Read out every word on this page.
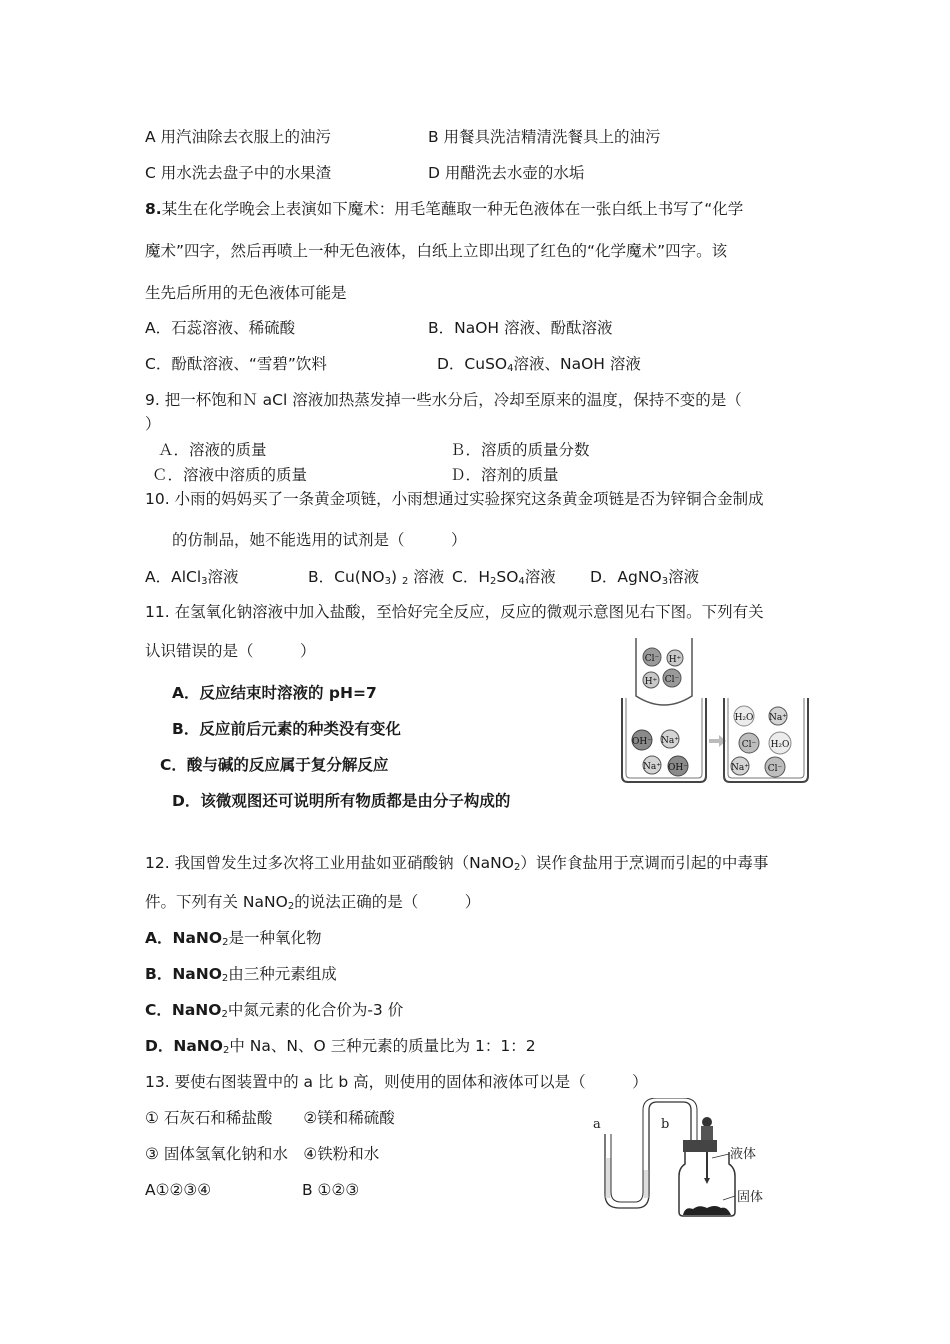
A 用汽油除去衣服上的油污	B 用餐具洗洁精清洗餐具上的油污
C 用水洗去盘子中的水果渣	D 用醋洗去水壶的水垢
8.某生在化学晚会上表演如下魔术：用毛笔蘸取一种无色液体在一张白纸上书写了“化学
魔术”四字，然后再喷上一种无色液体，白纸上立即出现了红色的“化学魔术”四字。该
生先后所用的无色液体可能是
A．石蕊溶液、稀硫酸	B．NaOH 溶液、酚酞溶液
C．酚酞溶液、“雪碧”饮料	D．CuSO$_4$溶液、NaOH 溶液
9. 把一杯饱和Ｎ aCl 溶液加热蒸发掉一些水分后，冷却至原来的温度，保持不变的是（
）
Ａ．溶液的质量	Ｂ．溶质的质量分数
Ｃ．溶液中溶质的质量	Ｄ．溶剂的质量
10. 小雨的妈妈买了一条黄金项链，小雨想通过实验探究这条黄金项链是否为锌铜合金制成
的仿制品，她不能选用的试剂是（　　　）
A．AlCl$_3$溶液	B．$Cu(NO_3)$ $_2$ 溶液 C．$H_2SO_4$溶液 D．AgNO$_3$溶液
11. 在氢氧化钠溶液中加入盐酸，至恰好完全反应，反应的微观示意图见右下图。下列有关
认识错误的是（　　　）
A．反应结束时溶液的 pH=7
B．反应前后元素的种类没有变化
C．酸与碱的反应属于复分解反应
D．该微观图还可说明所有物质都是由分子构成的
Cl⁻ H⁺
H⁺ Cl⁻
OH⁻ Na⁺
Na⁺ OH⁻
H₂O Na⁺
Cl⁻ H₂O
Na⁺ Cl⁻
12. 我国曾发生过多次将工业用盐如亚硝酸钠（NaNO$_2$）误作食盐用于烹调而引起的中毒事
件。下列有关 NaNO$_2$的说法正确的是（　　　）
A．NaNO$_2$是一种氧化物
B．NaNO$_2$由三种元素组成
C．NaNO$_2$中氮元素的化合价为-3 价
D．NaNO$_2$中 Na、N、O 三种元素的质量比为 1：1：2
13. 要使右图装置中的 a 比 b 高，则使用的固体和液体可以是（　　　）
① 石灰石和稀盐酸　　②镁和稀硫酸
③ 固体氢氧化钠和水　④铁粉和水
A①②③④	B ①②③
a	b
液体
固体
